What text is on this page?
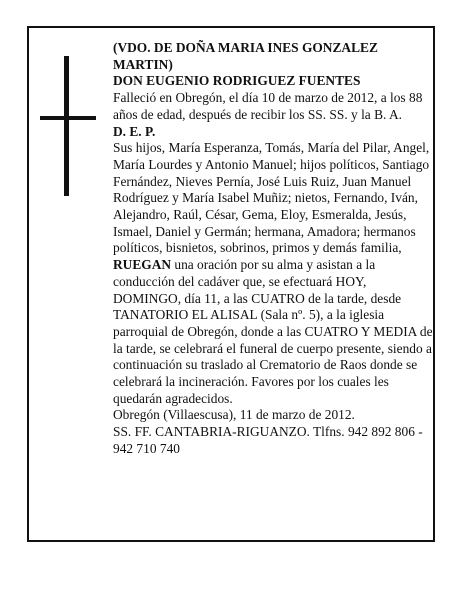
(VDO. DE DOÑA MARIA INES GONZALEZ MARTIN)

DON EUGENIO RODRIGUEZ FUENTES

Falleció en Obregón, el día 10 de marzo de 2012, a los 88 años de edad, después de recibir los SS. SS. y la B. A.

D. E. P.

Sus hijos, María Esperanza, Tomás, María del Pilar, Angel, María Lourdes y Antonio Manuel; hijos políticos, Santiago Fernández, Nieves Pernía, José Luis Ruiz, Juan Manuel Rodríguez y María Isabel Muñiz; nietos, Fernando, Iván, Alejandro, Raúl, César, Gema, Eloy, Esmeralda, Jesús, Ismael, Daniel y Germán; hermana, Amadora; hermanos políticos, bisnietos, sobrinos, primos y demás familia,

RUEGAN una oración por su alma y asistan a la conducción del cadáver que, se efectuará HOY, DOMINGO, día 11, a las CUATRO de la tarde, desde TANATORIO EL ALISAL (Sala nº. 5), a la iglesia parroquial de Obregón, donde a las CUATRO Y MEDIA de la tarde, se celebrará el funeral de cuerpo presente, siendo a continuación su traslado al Crematorio de Raos donde se celebrará la incineración. Favores por los cuales les quedarán agradecidos.

Obregón (Villaescusa), 11 de marzo de 2012.

SS. FF. CANTABRIA-RIGUANZO. Tlfns. 942 892 806 - 942 710 740
